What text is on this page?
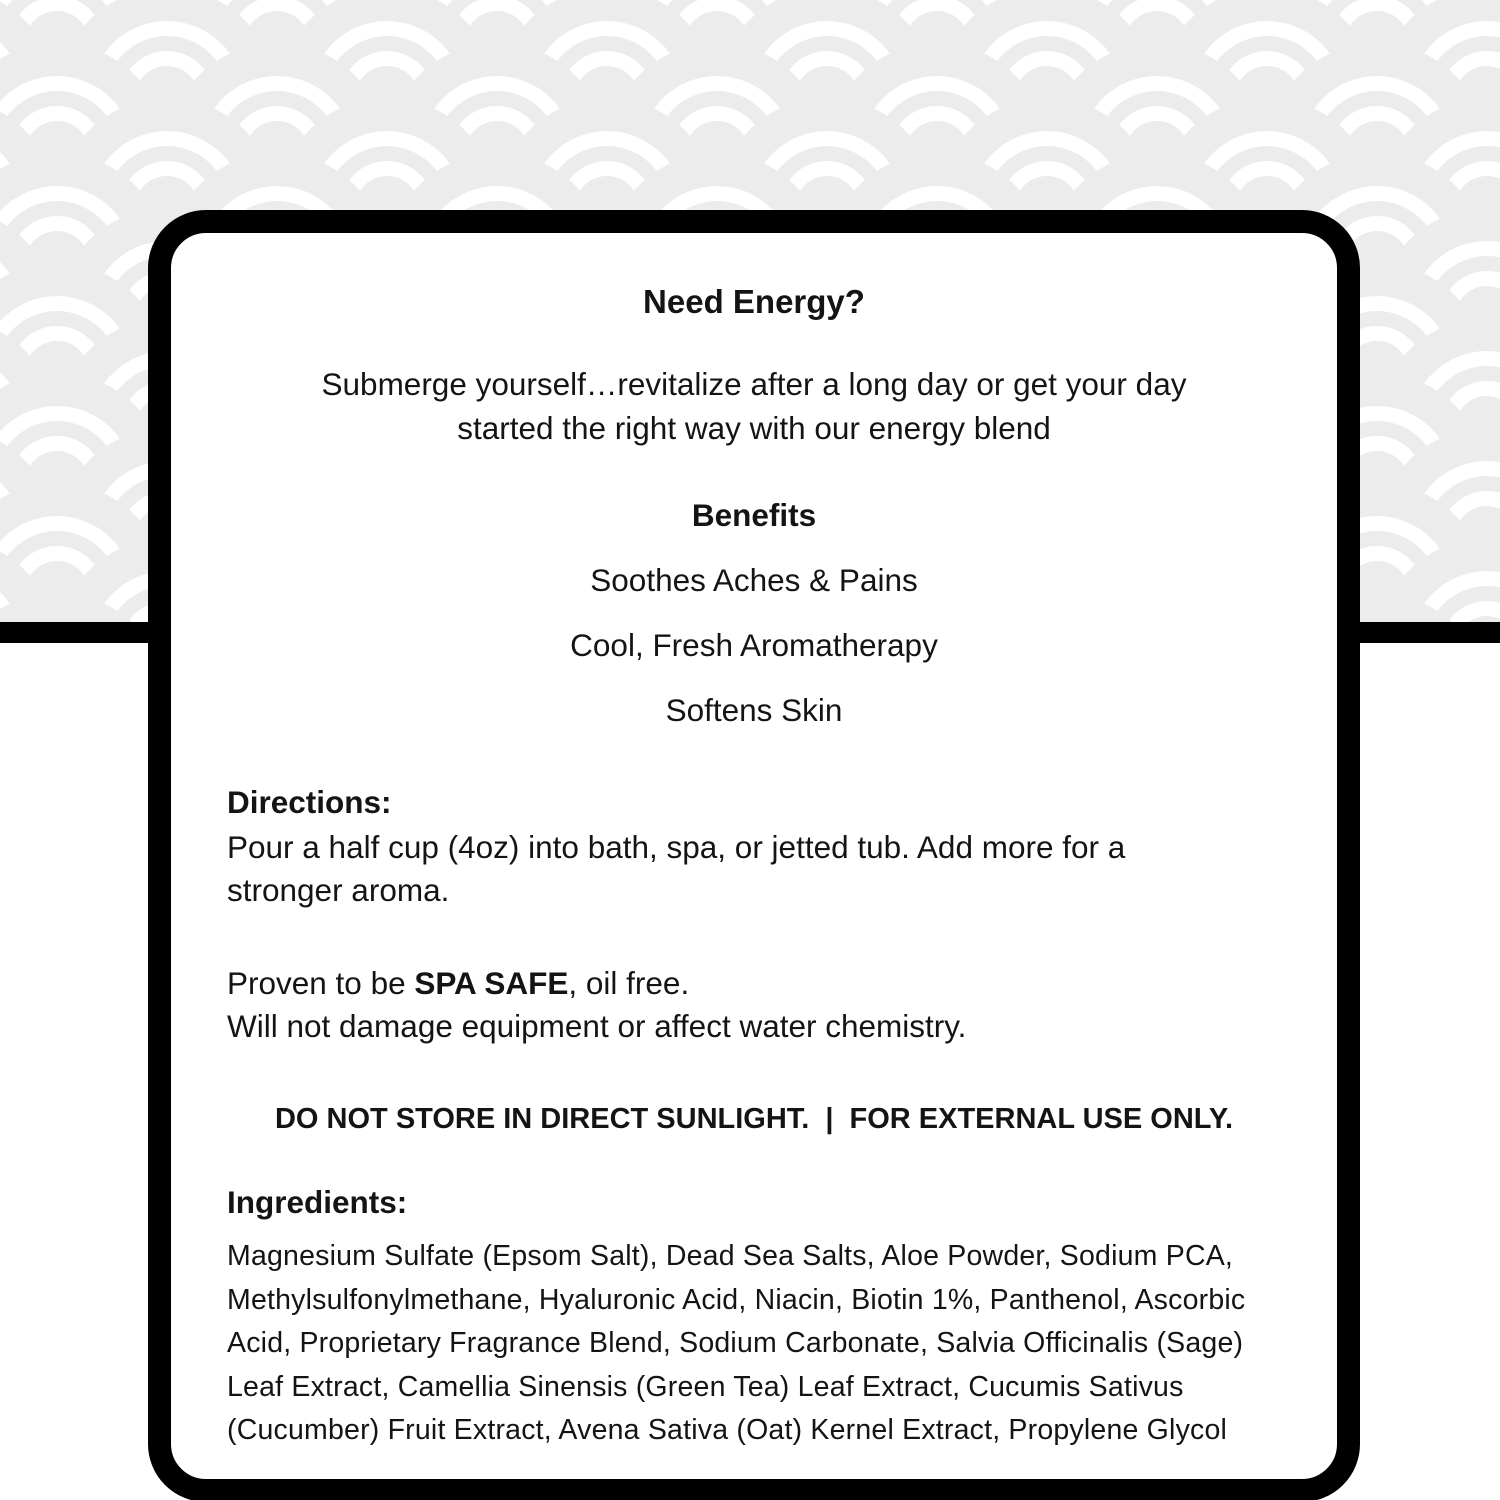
Need Energy?

Submerge yourself…revitalize after a long day or get your day

started the right way with our energy blend

Benefits

Soothes Aches & Pains

Cool, Fresh Aromatherapy

Softens Skin

Directions:

Pour a half cup (4oz) into bath, spa, or jetted tub. Add more for a

stronger aroma.

Proven to be SPA SAFE, oil free.

Will not damage equipment or affect water chemistry.

DO NOT STORE IN DIRECT SUNLIGHT. | FOR EXTERNAL USE ONLY.

Ingredients:

Magnesium Sulfate (Epsom Salt), Dead Sea Salts, Aloe Powder, Sodium PCA,

Methylsulfonylmethane, Hyaluronic Acid, Niacin, Biotin 1%, Panthenol, Ascorbic

Acid, Proprietary Fragrance Blend, Sodium Carbonate, Salvia Officinalis (Sage)

Leaf Extract, Camellia Sinensis (Green Tea) Leaf Extract, Cucumis Sativus

(Cucumber) Fruit Extract, Avena Sativa (Oat) Kernel Extract, Propylene Glycol
